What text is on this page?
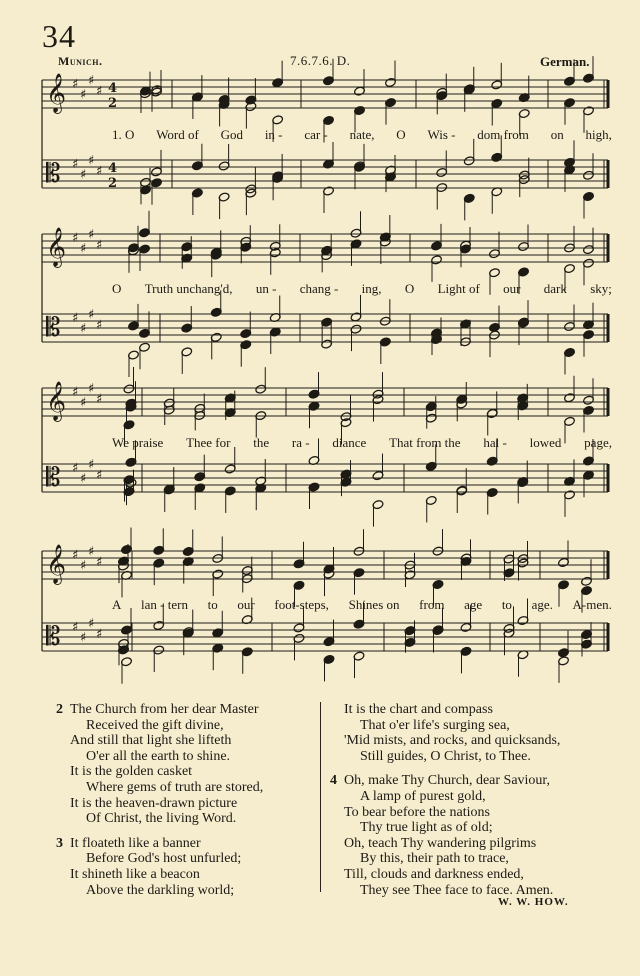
34
Munich.	7.6.7.6. D.	German.
𝄞 ♯
♯
♯
♯ 4
2
𝄡 ♯
♯
♯
♯ 4
2
𝄞 ♯
♯
♯
♯
𝄡 ♯
♯
♯
♯
𝄞 ♯
♯
♯
♯
𝄡 ♯
♯
♯
♯
𝄞 ♯
♯
♯
♯
𝄡 ♯
♯
♯
♯
1. O Word of God in - car - nate, O Wis - dom from on high,
O Truth unchang'd, un - chang - ing, O Light of our dark sky;
We praise Thee for the ra - diance That from the hal - lowed page,
A lan - tern to our foot-steps, Shines on from age to age. A-men.
2 The Church from her dear Master
Received the gift divine,
And still that light she lifteth
O'er all the earth to shine.
It is the golden casket
Where gems of truth are stored,
It is the heaven-drawn picture
Of Christ, the living Word.
3 It floateth like a banner
Before God's host unfurled;
It shineth like a beacon
Above the darkling world;
It is the chart and compass
That o'er life's surging sea,
'Mid mists, and rocks, and quicksands,
Still guides, O Christ, to Thee.
4 Oh, make Thy Church, dear Saviour,
A lamp of purest gold,
To bear before the nations
Thy true light as of old;
Oh, teach Thy wandering pilgrims
By this, their path to trace,
Till, clouds and darkness ended,
They see Thee face to face. Amen.
W. W. HOW.
